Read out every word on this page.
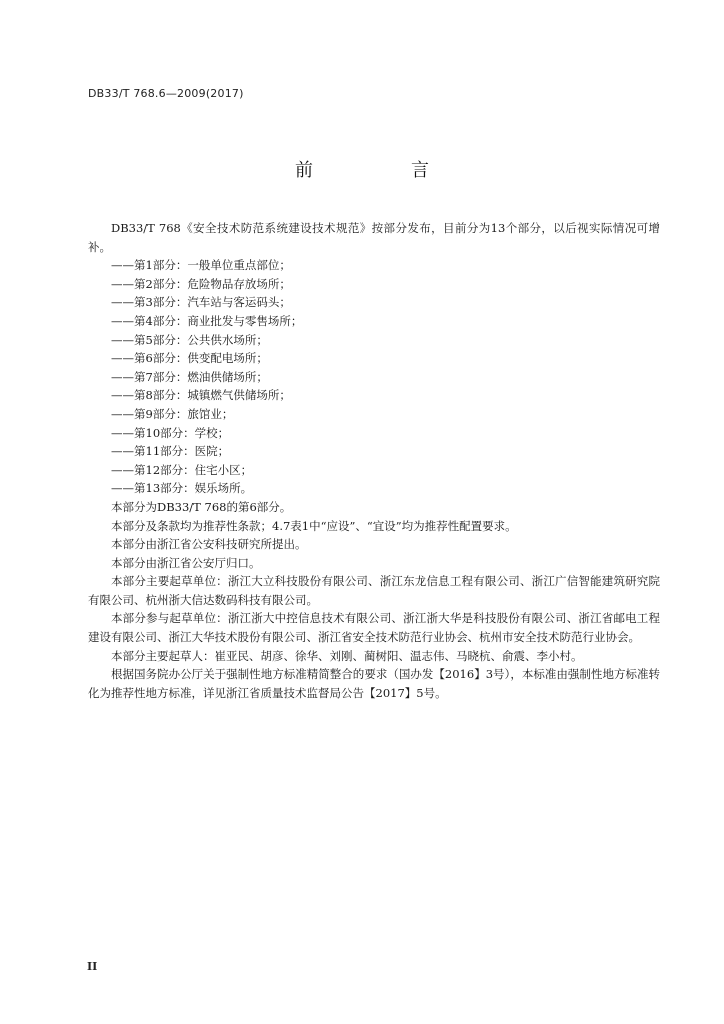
DB33/T 768.6—2009(2017)
前　言

DB33/T 768《安全技术防范系统建设技术规范》按部分发布，目前分为13个部分，以后视实际情况可增补。

——第1部分：一般单位重点部位；
——第2部分：危险物品存放场所；
——第3部分：汽车站与客运码头；
——第4部分：商业批发与零售场所；
——第5部分：公共供水场所；
——第6部分：供变配电场所；
——第7部分：燃油供储场所；
——第8部分：城镇燃气供储场所；
——第9部分：旅馆业；
——第10部分：学校；
——第11部分：医院；
——第12部分：住宅小区；
——第13部分：娱乐场所。

本部分为DB33/T 768的第6部分。

本部分及条款均为推荐性条款；4.7表1中“应设”、“宜设”均为推荐性配置要求。

本部分由浙江省公安科技研究所提出。

本部分由浙江省公安厅归口。

本部分主要起草单位：浙江大立科技股份有限公司、浙江东龙信息工程有限公司、浙江广信智能建筑研究院有限公司、杭州浙大信达数码科技有限公司。

本部分参与起草单位：浙江浙大中控信息技术有限公司、浙江浙大华是科技股份有限公司、浙江省邮电工程建设有限公司、浙江大华技术股份有限公司、浙江省安全技术防范行业协会、杭州市安全技术防范行业协会。

本部分主要起草人：崔亚民、胡彦、徐华、刘刚、蔺树阳、温志伟、马晓杭、俞震、李小村。

根据国务院办公厅关于强制性地方标准精简整合的要求（国办发【2016】3号），本标准由强制性地方标准转化为推荐性地方标准，详见浙江省质量技术监督局公告【2017】5号。

II
